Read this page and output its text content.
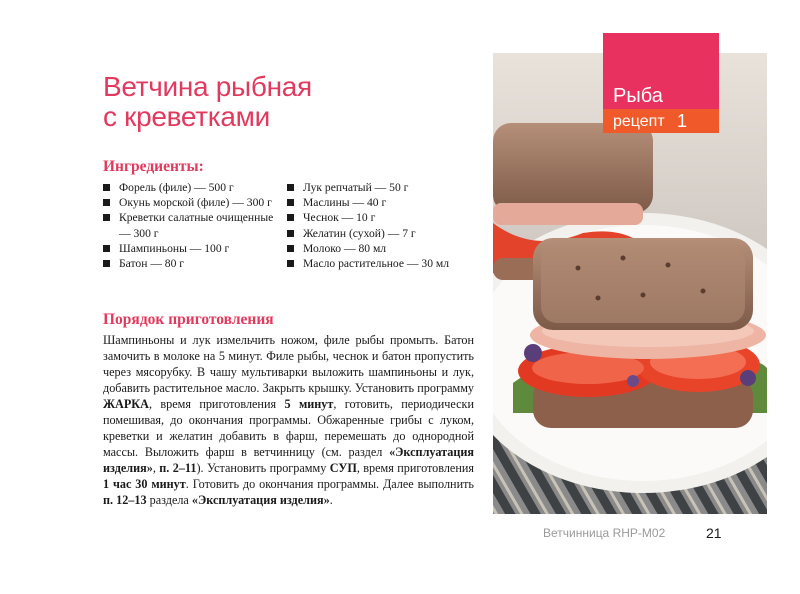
Ветчина рыбная
с креветками
Ингредиенты:
Форель (филе) — 500 г
Окунь морской (филе) — 300 г
Креветки салатные очищенные — 300 г
Шампиньоны — 100 г
Батон — 80 г
Лук репчатый — 50 г
Маслины — 40 г
Чеснок — 10 г
Желатин (сухой) — 7 г
Молоко — 80 мл
Масло растительное — 30 мл
Порядок приготовления

Шампиньоны и лук измельчить ножом, филе рыбы промыть. Батон замочить в молоке на 5 минут. Филе рыбы, чеснок и батон пропустить через мясорубку. В чашу мультиварки выложить шампиньоны и лук, добавить растительное масло. Закрыть крышку. Установить программу ЖАРКА, время приготовления 5 минут, готовить, периодически помешивая, до окончания программы. Обжаренные грибы с луком, креветки и желатин добавить в фарш, перемешать до однородной массы. Выложить фарш в ветчинницу (см. раздел «Эксплуатация изделия», п. 2–11). Установить программу СУП, время приготовления 1 час 30 минут. Готовить до окончания программы. Далее выполнить п. 12–13 раздела «Эксплуатация изделия».

Рыба
рецепт 1
Ветчинница RHP-M02	21
